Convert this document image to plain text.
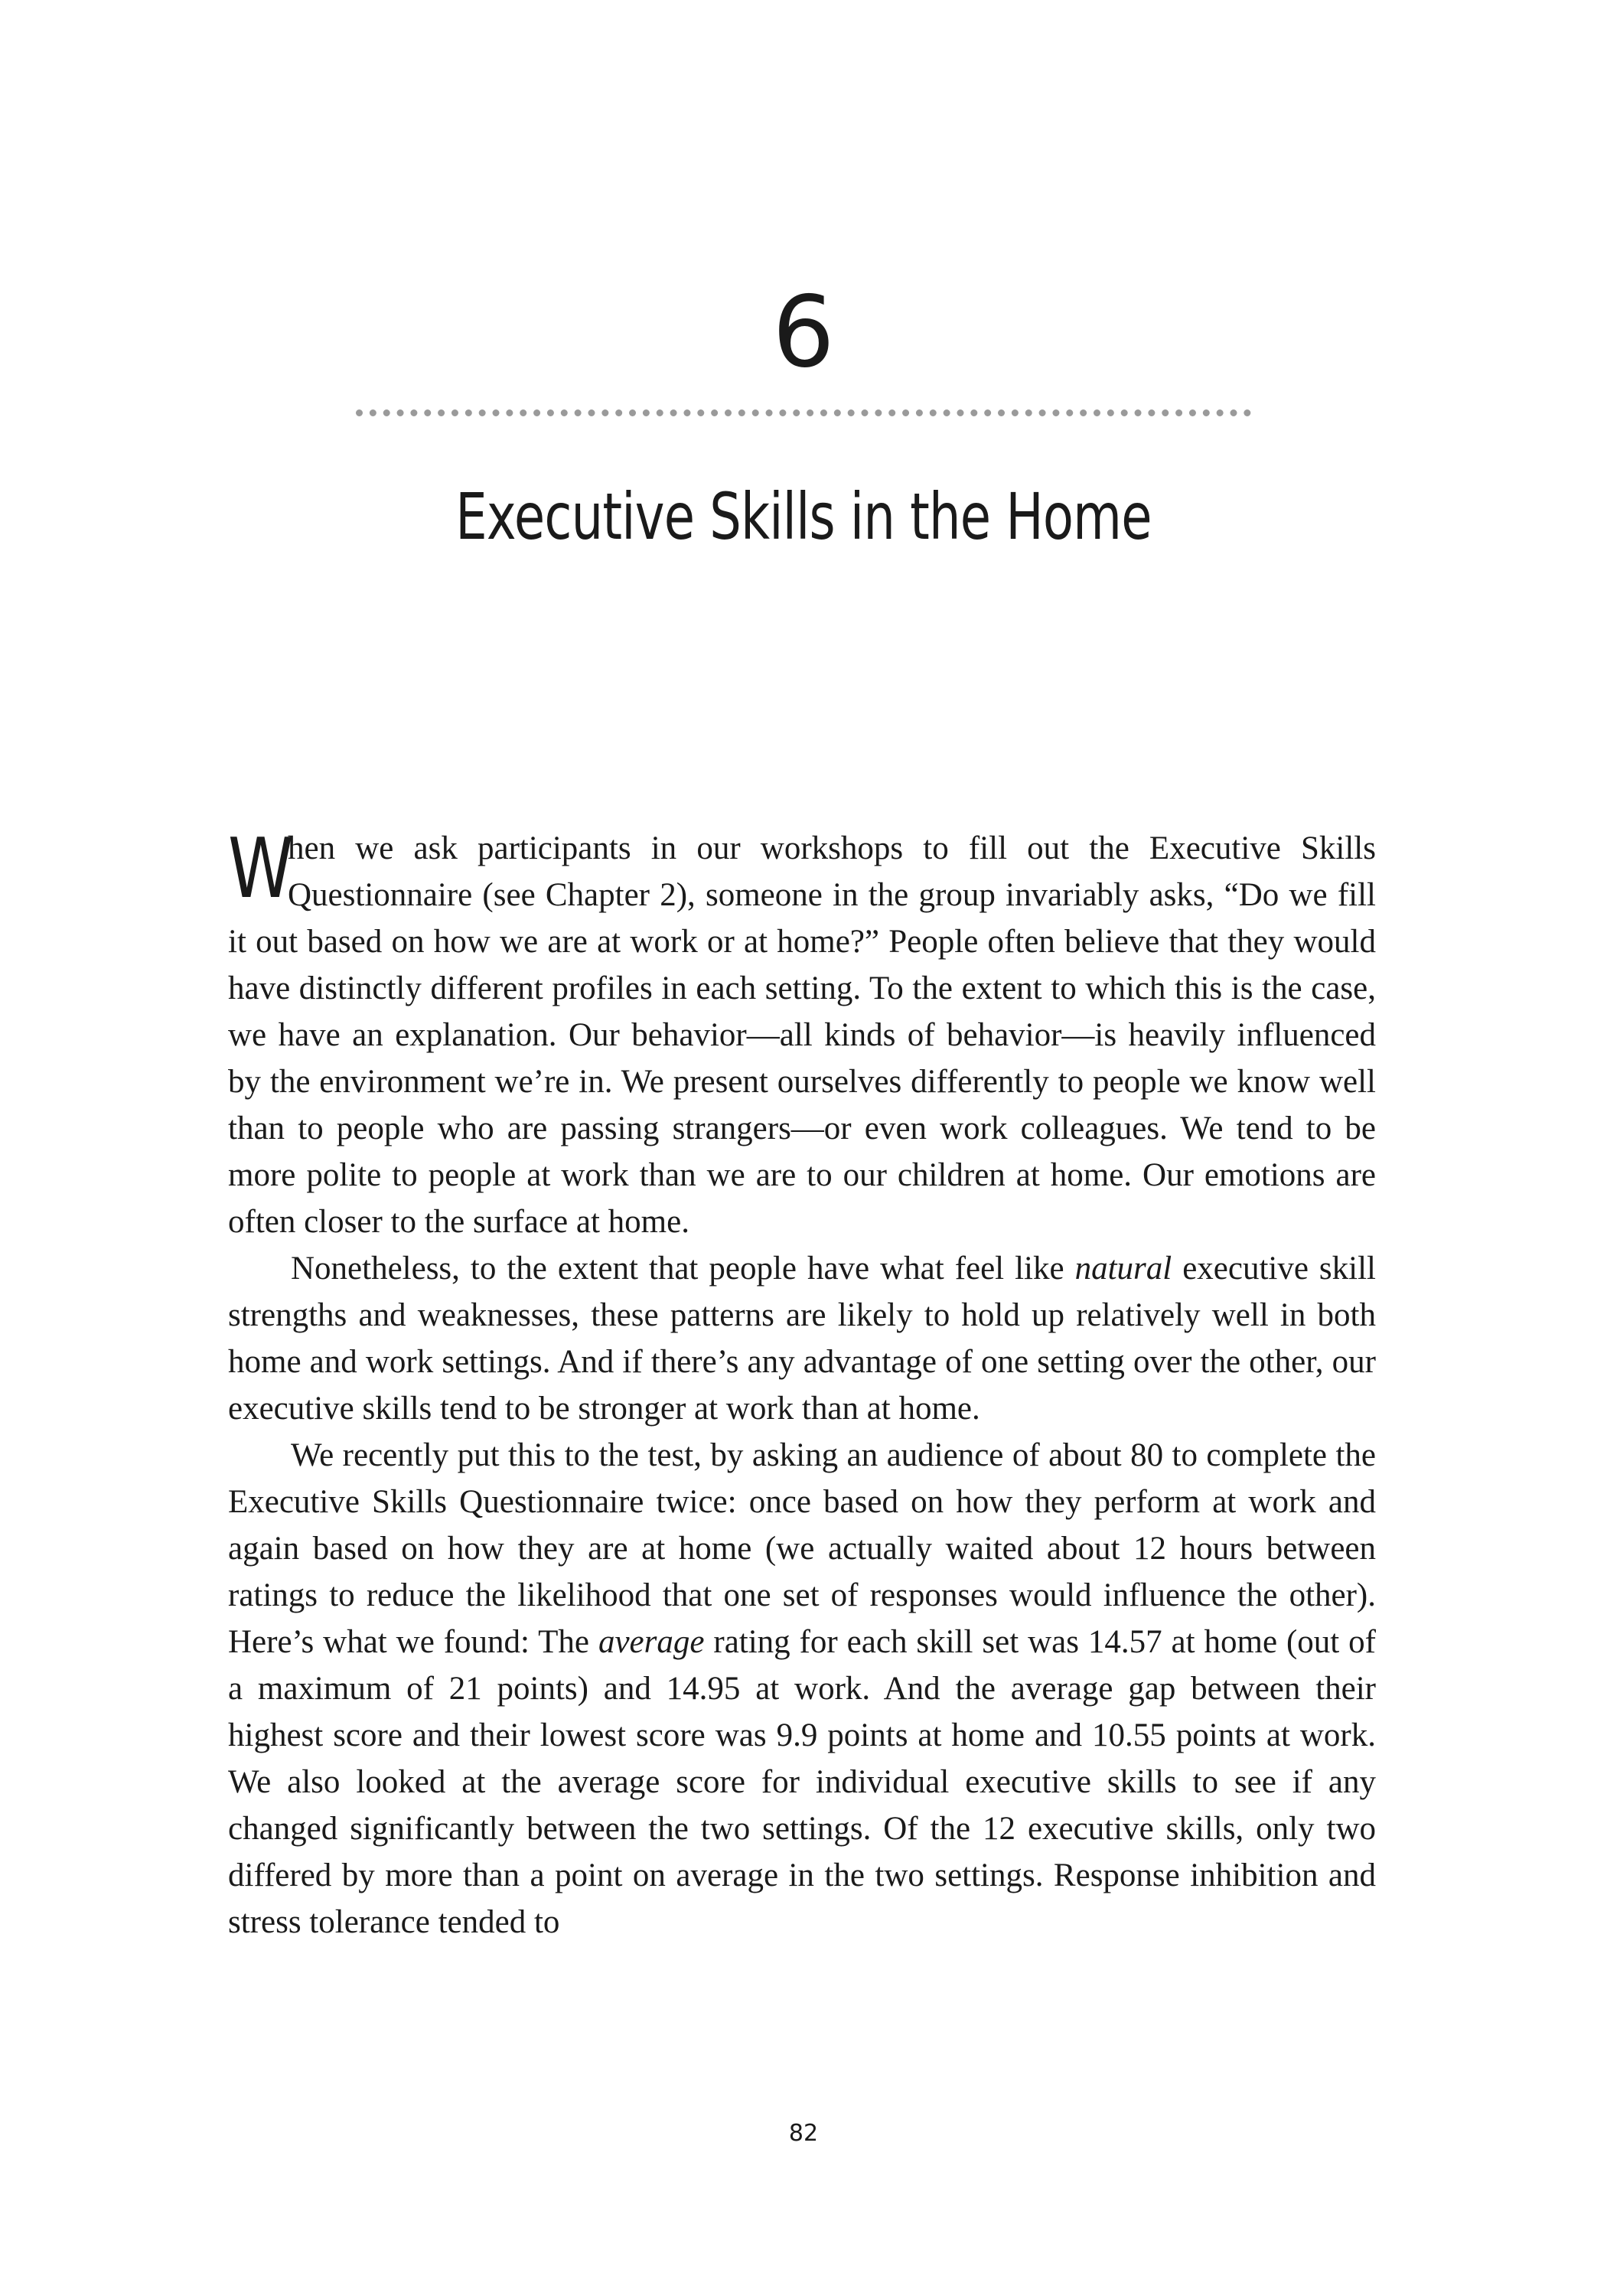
6
Executive Skills in the Home

W
hen we ask participants in our workshops to fill out the Executive Skills Questionnaire (see Chapter 2), someone in the group invariably asks, “Do we fill it out based on how we are at work or at home?” People often believe that they would have distinctly different profiles in each setting. To the extent to which this is the case, we have an explanation. Our behavior—all kinds of behavior—is heavily influenced by the environment we’re in. We present ourselves differently to people we know well than to people who are passing strangers—or even work colleagues. We tend to be more polite to people at work than we are to our children at home. Our emotions are often closer to the surface at home.

Nonetheless, to the extent that people have what feel like natural executive skill strengths and weaknesses, these patterns are likely to hold up relatively well in both home and work settings. And if there’s any advantage of one setting over the other, our executive skills tend to be stronger at work than at home.

We recently put this to the test, by asking an audience of about 80 to complete the Executive Skills Questionnaire twice: once based on how they perform at work and again based on how they are at home (we actually waited about 12 hours between ratings to reduce the likelihood that one set of responses would influence the other). Here’s what we found: The average rating for each skill set was 14.57 at home (out of a maximum of 21 points) and 14.95 at work. And the average gap between their highest score and their lowest score was 9.9 points at home and 10.55 points at work. We also looked at the average score for individual executive skills to see if any changed significantly between the two settings. Of the 12 executive skills, only two differed by more than a point on average in the two settings. Response inhibition and stress tolerance tended to

82
